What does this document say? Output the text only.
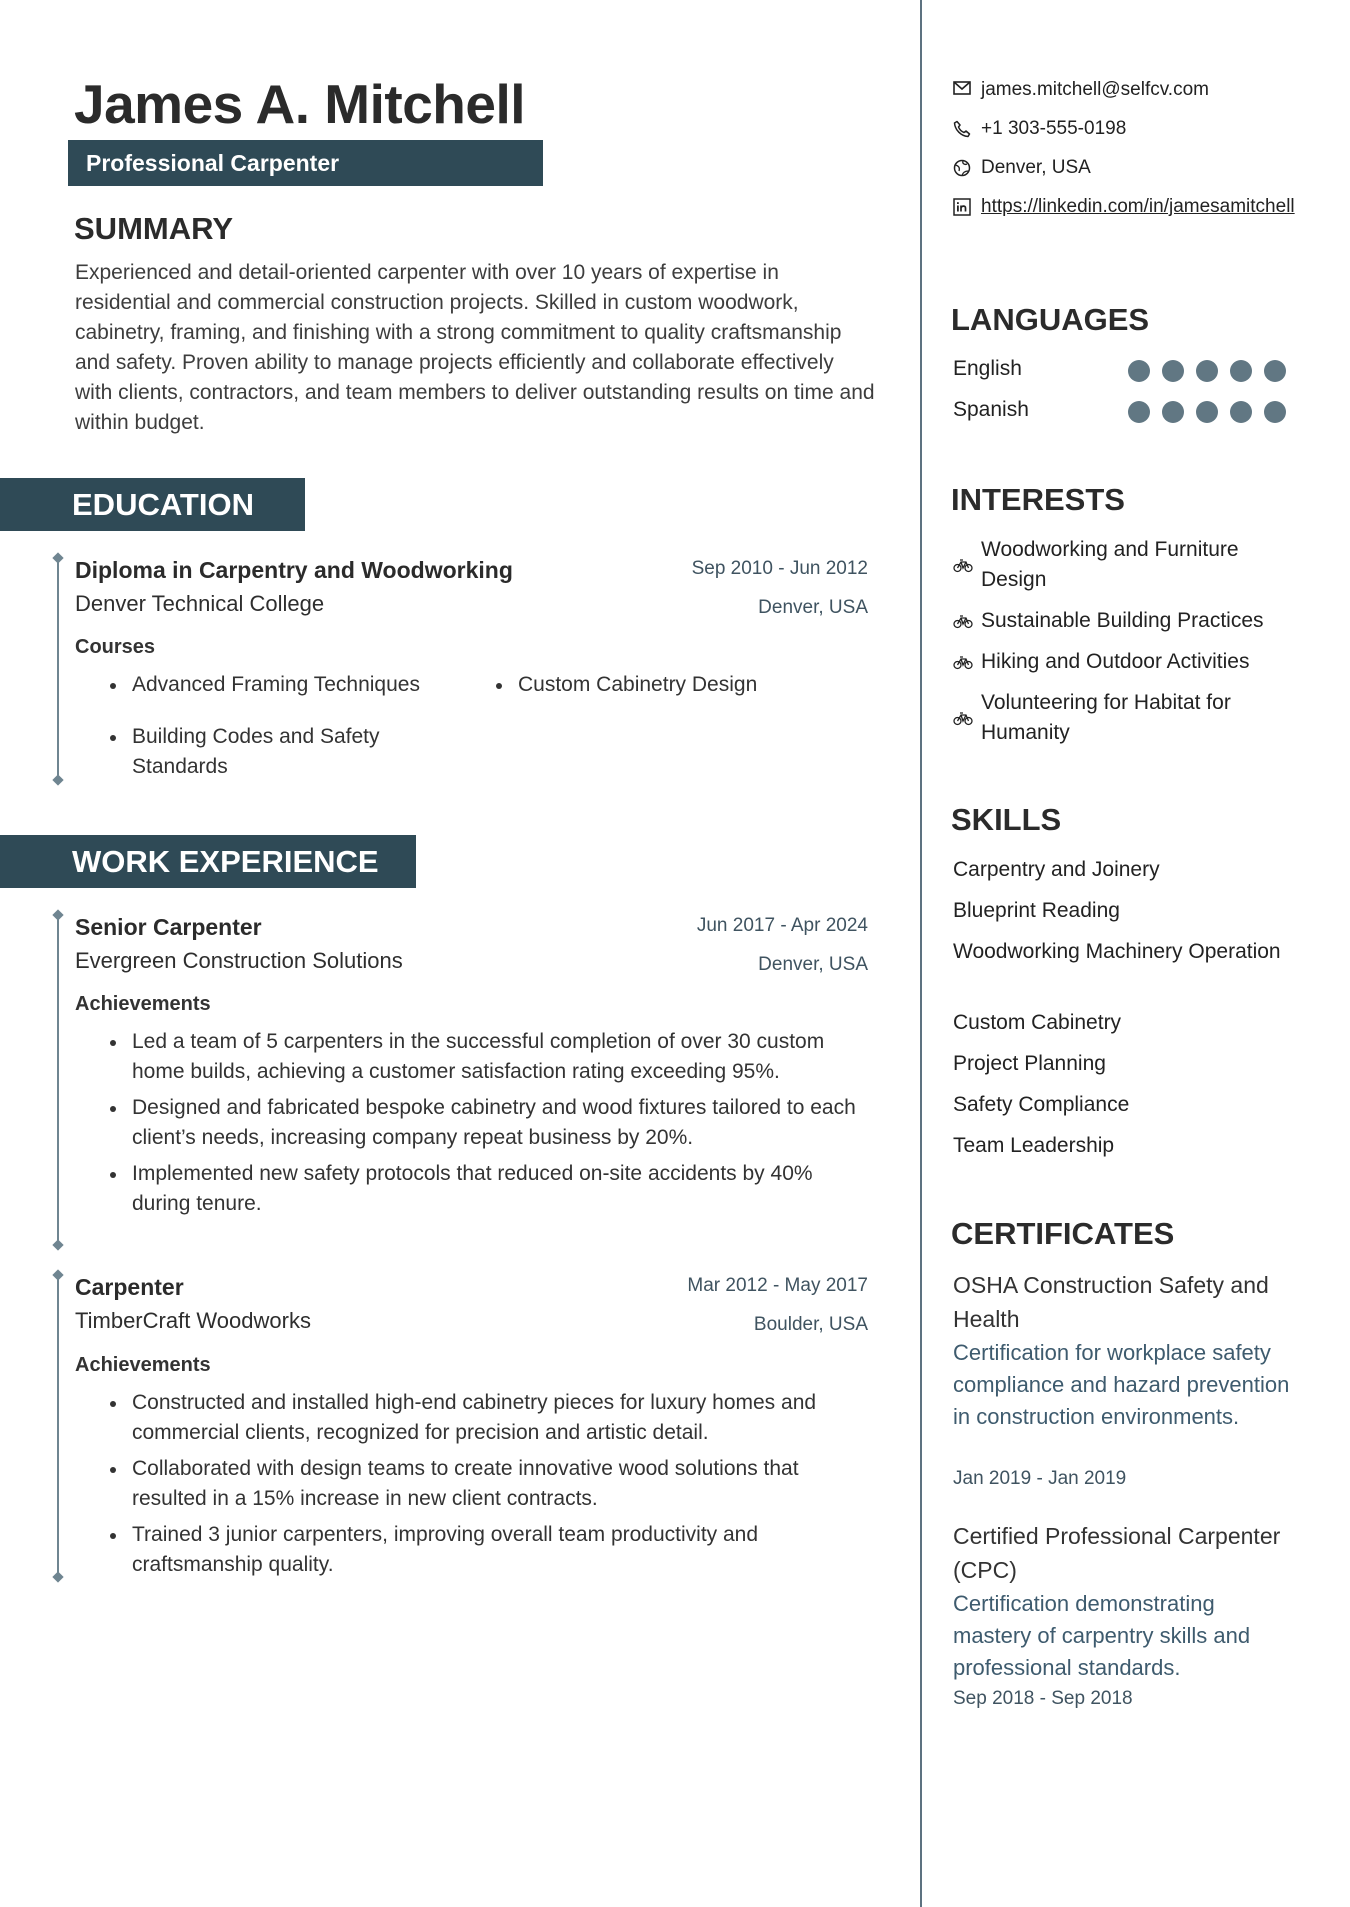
James A. Mitchell
Professional Carpenter
SUMMARY

Experienced and detail-oriented carpenter with over 10 years of expertise in residential and commercial construction projects. Skilled in custom woodwork, cabinetry, framing, and finishing with a strong commitment to quality craftsmanship and safety. Proven ability to manage projects efficiently and collaborate effectively with clients, contractors, and team members to deliver outstanding results on time and within budget.

EDUCATION
Diploma in Carpentry and Woodworking	Sep 2010 - Jun 2012

Denver Technical College	Denver, USA

Courses

Advanced Framing Techniques	Custom Cabinetry Design
Building Codes and Safety Standards
WORK EXPERIENCE
Senior Carpenter	Jun 2017 - Apr 2024

Evergreen Construction Solutions	Denver, USA

Achievements

Led a team of 5 carpenters in the successful completion of over 30 custom home builds, achieving a customer satisfaction rating exceeding 95%.
Designed and fabricated bespoke cabinetry and wood fixtures tailored to each client’s needs, increasing company repeat business by 20%.
Implemented new safety protocols that reduced on-site accidents by 40% during tenure.
Carpenter	Mar 2012 - May 2017

TimberCraft Woodworks	Boulder, USA

Achievements

Constructed and installed high-end cabinetry pieces for luxury homes and commercial clients, recognized for precision and artistic detail.
Collaborated with design teams to create innovative wood solutions that resulted in a 15% increase in new client contracts.
Trained 3 junior carpenters, improving overall team productivity and craftsmanship quality.
james.mitchell@selfcv.com
+1 303-555-0198
Denver, USA
https://linkedin.com/in/jamesamitchell
LANGUAGES
English
Spanish
INTERESTS
Woodworking and Furniture Design
Sustainable Building Practices
Hiking and Outdoor Activities
Volunteering for Habitat for Humanity
SKILLS

Carpentry and Joinery

Blueprint Reading

Woodworking Machinery Operation

Custom Cabinetry

Project Planning

Safety Compliance

Team Leadership

CERTIFICATES

OSHA Construction Safety and Health

Certification for workplace safety compliance and hazard prevention in construction environments.

Jan 2019 - Jan 2019

Certified Professional Carpenter (CPC)

Certification demonstrating mastery of carpentry skills and professional standards.

Sep 2018 - Sep 2018
